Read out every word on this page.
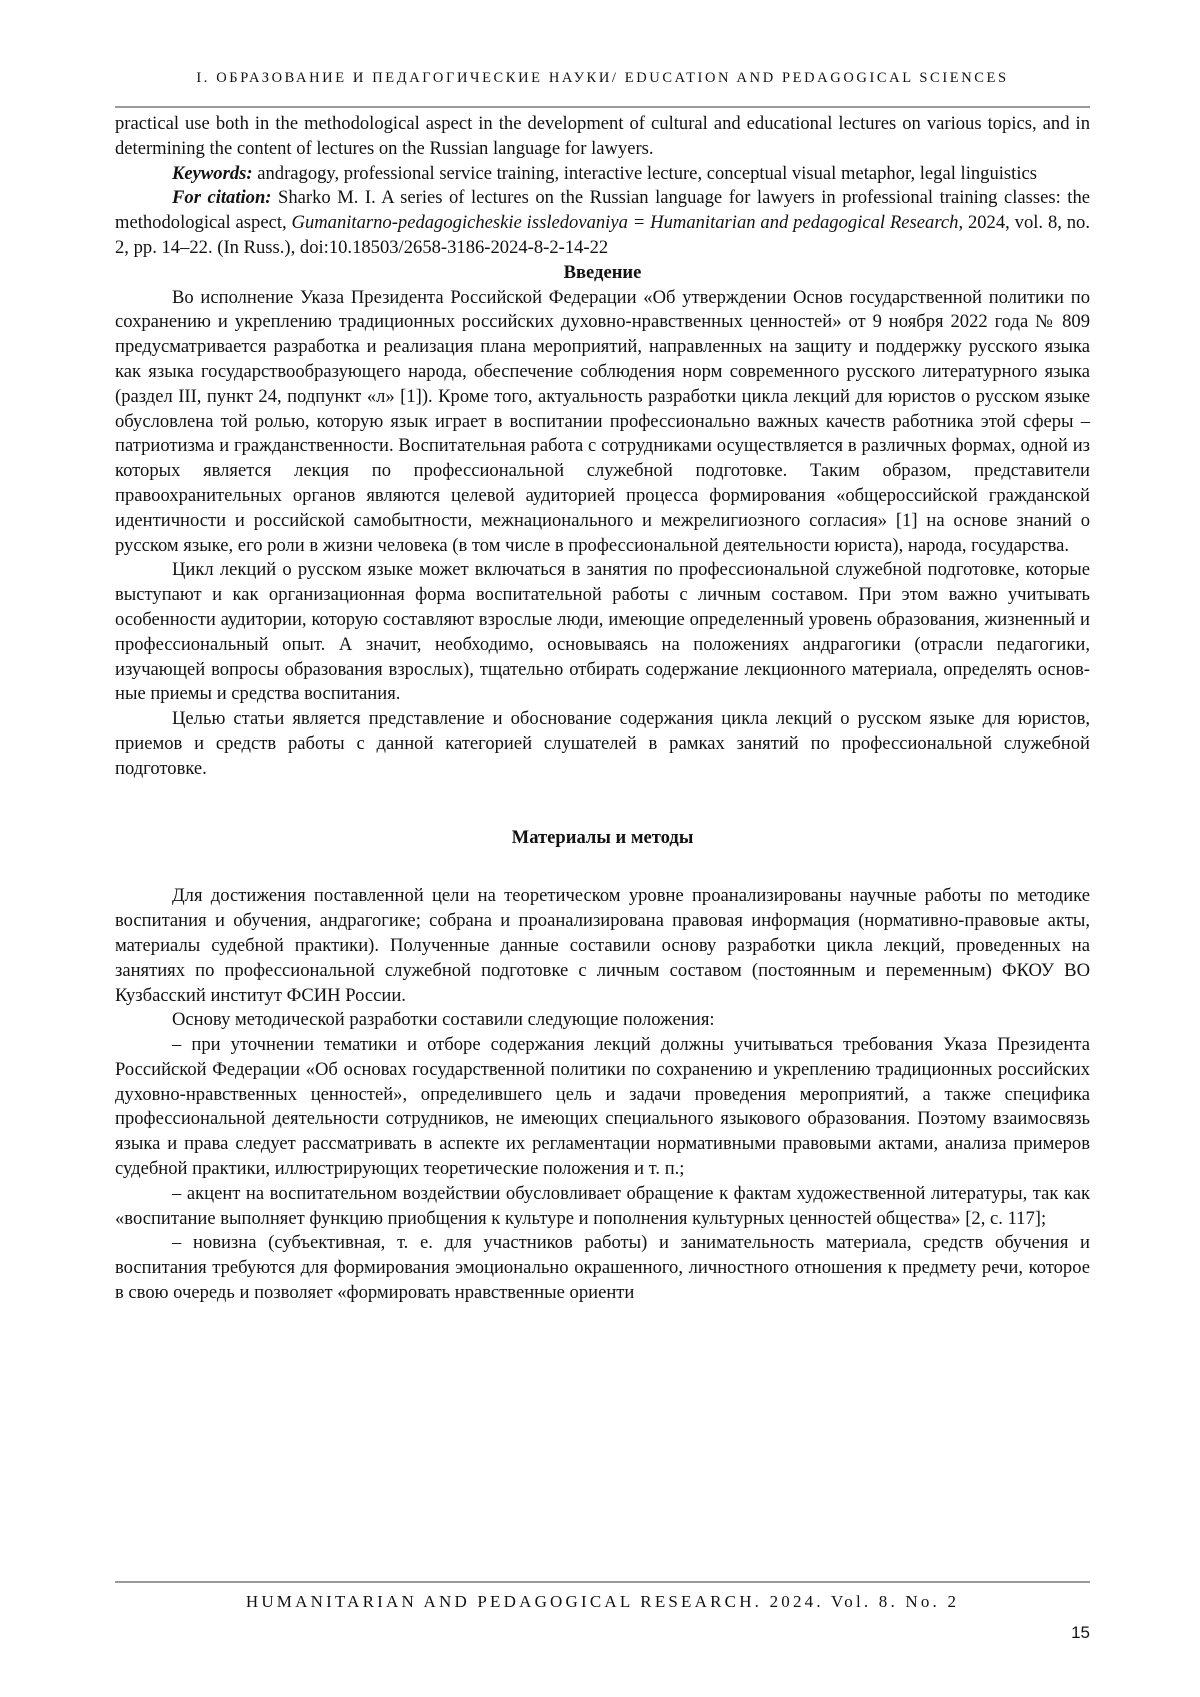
I. ОБРАЗОВАНИЕ И ПЕДАГОГИЧЕСКИЕ НАУКИ/ EDUCATION AND PEDAGOGICAL SCIENCES

practical use both in the methodological aspect in the development of cultural and educational lectures on various topics, and in determining the content of lectures on the Russian language for lawyers.

Keywords: andragogy, professional service training, interactive lecture, conceptual visual metaphor, legal linguistics

For citation: Sharko M. I. A series of lectures on the Russian language for lawyers in professional training classes: the methodological aspect, Gumanitarno-pedagogicheskie issledovaniya = Humanitarian and pedagogical Research, 2024, vol. 8, no. 2, pp. 14–22. (In Russ.), doi:10.18503/2658-3186-2024-8-2-14-22

Введение

Во исполнение Указа Президента Российской Федерации «Об утверждении Основ государственной политики по сохранению и укреплению традиционных российских духовно-нравственных ценностей» от 9 ноября 2022 года № 809 предусматривается разработка и реализация плана мероприятий, направленных на защиту и поддержку русского языка как языка государствообразующего народа, обеспечение соблюдения норм современного русского литературного языка (раздел III, пункт 24, подпункт «л» [1]). Кроме того, актуальность разработки цикла лекций для юристов о русском языке обусловлена той ролью, которую язык играет в воспитании профессионально важных качеств работника этой сферы – патриотизма и гражданственности. Воспитательная работа с сотрудниками осуществляется в различных формах, одной из которых является лекция по профессиональной служебной подготовке. Таким образом, представители правоохранительных органов являются целевой аудиторией процесса формирования «общероссийской гражданской идентичности и российской самобытности, межнационального и межрелигиозного согласия» [1] на основе знаний о русском языке, его роли в жизни человека (в том числе в профессиональной деятельности юриста), народа, государства.

Цикл лекций о русском языке может включаться в занятия по профессиональной служебной подготовке, которые выступают и как организационная форма воспитательной работы с личным составом. При этом важно учитывать особенности аудитории, которую составляют взрослые люди, имеющие определенный уровень образования, жизненный и профессиональный опыт. А значит, необходимо, основываясь на положениях андрагогики (отрасли педагогики, изучающей вопросы образования взрослых), тщательно отбирать содержание лекционного материала, определять основные приемы и средства воспитания.

Целью статьи является представление и обоснование содержания цикла лекций о русском языке для юристов, приемов и средств работы с данной категорией слушателей в рамках занятий по профессиональной служебной подготовке.

Материалы и методы

Для достижения поставленной цели на теоретическом уровне проанализированы научные работы по методике воспитания и обучения, андрагогике; собрана и проанализирована правовая информация (нормативно-правовые акты, материалы судебной практики). Полученные данные составили основу разработки цикла лекций, проведенных на занятиях по профессиональной служебной подготовке с личным составом (постоянным и переменным) ФКОУ ВО Кузбасский институт ФСИН России.

Основу методической разработки составили следующие положения:

– при уточнении тематики и отборе содержания лекций должны учитываться требования Указа Президента Российской Федерации «Об основах государственной политики по сохранению и укреплению традиционных российских духовно-нравственных ценностей», определившего цель и задачи проведения мероприятий, а также специфика профессиональной деятельности сотрудников, не имеющих специального языкового образования. Поэтому взаимосвязь языка и права следует рассматривать в аспекте их регламентации нормативными правовыми актами, анализа примеров судебной практики, иллюстрирующих теоретические положения и т. п.;

– акцент на воспитательном воздействии обусловливает обращение к фактам художественной литературы, так как «воспитание выполняет функцию приобщения к культуре и пополнения культурных ценностей общества» [2, с. 117];

– новизна (субъективная, т. е. для участников работы) и занимательность материала, средств обучения и воспитания требуются для формирования эмоционально окрашенного, личностного отношения к предмету речи, которое в свою очередь и позволяет «формировать нравственные ориенти

HUMANITARIAN AND PEDAGOGICAL RESEARCH. 2024. Vol. 8. No. 2
15
